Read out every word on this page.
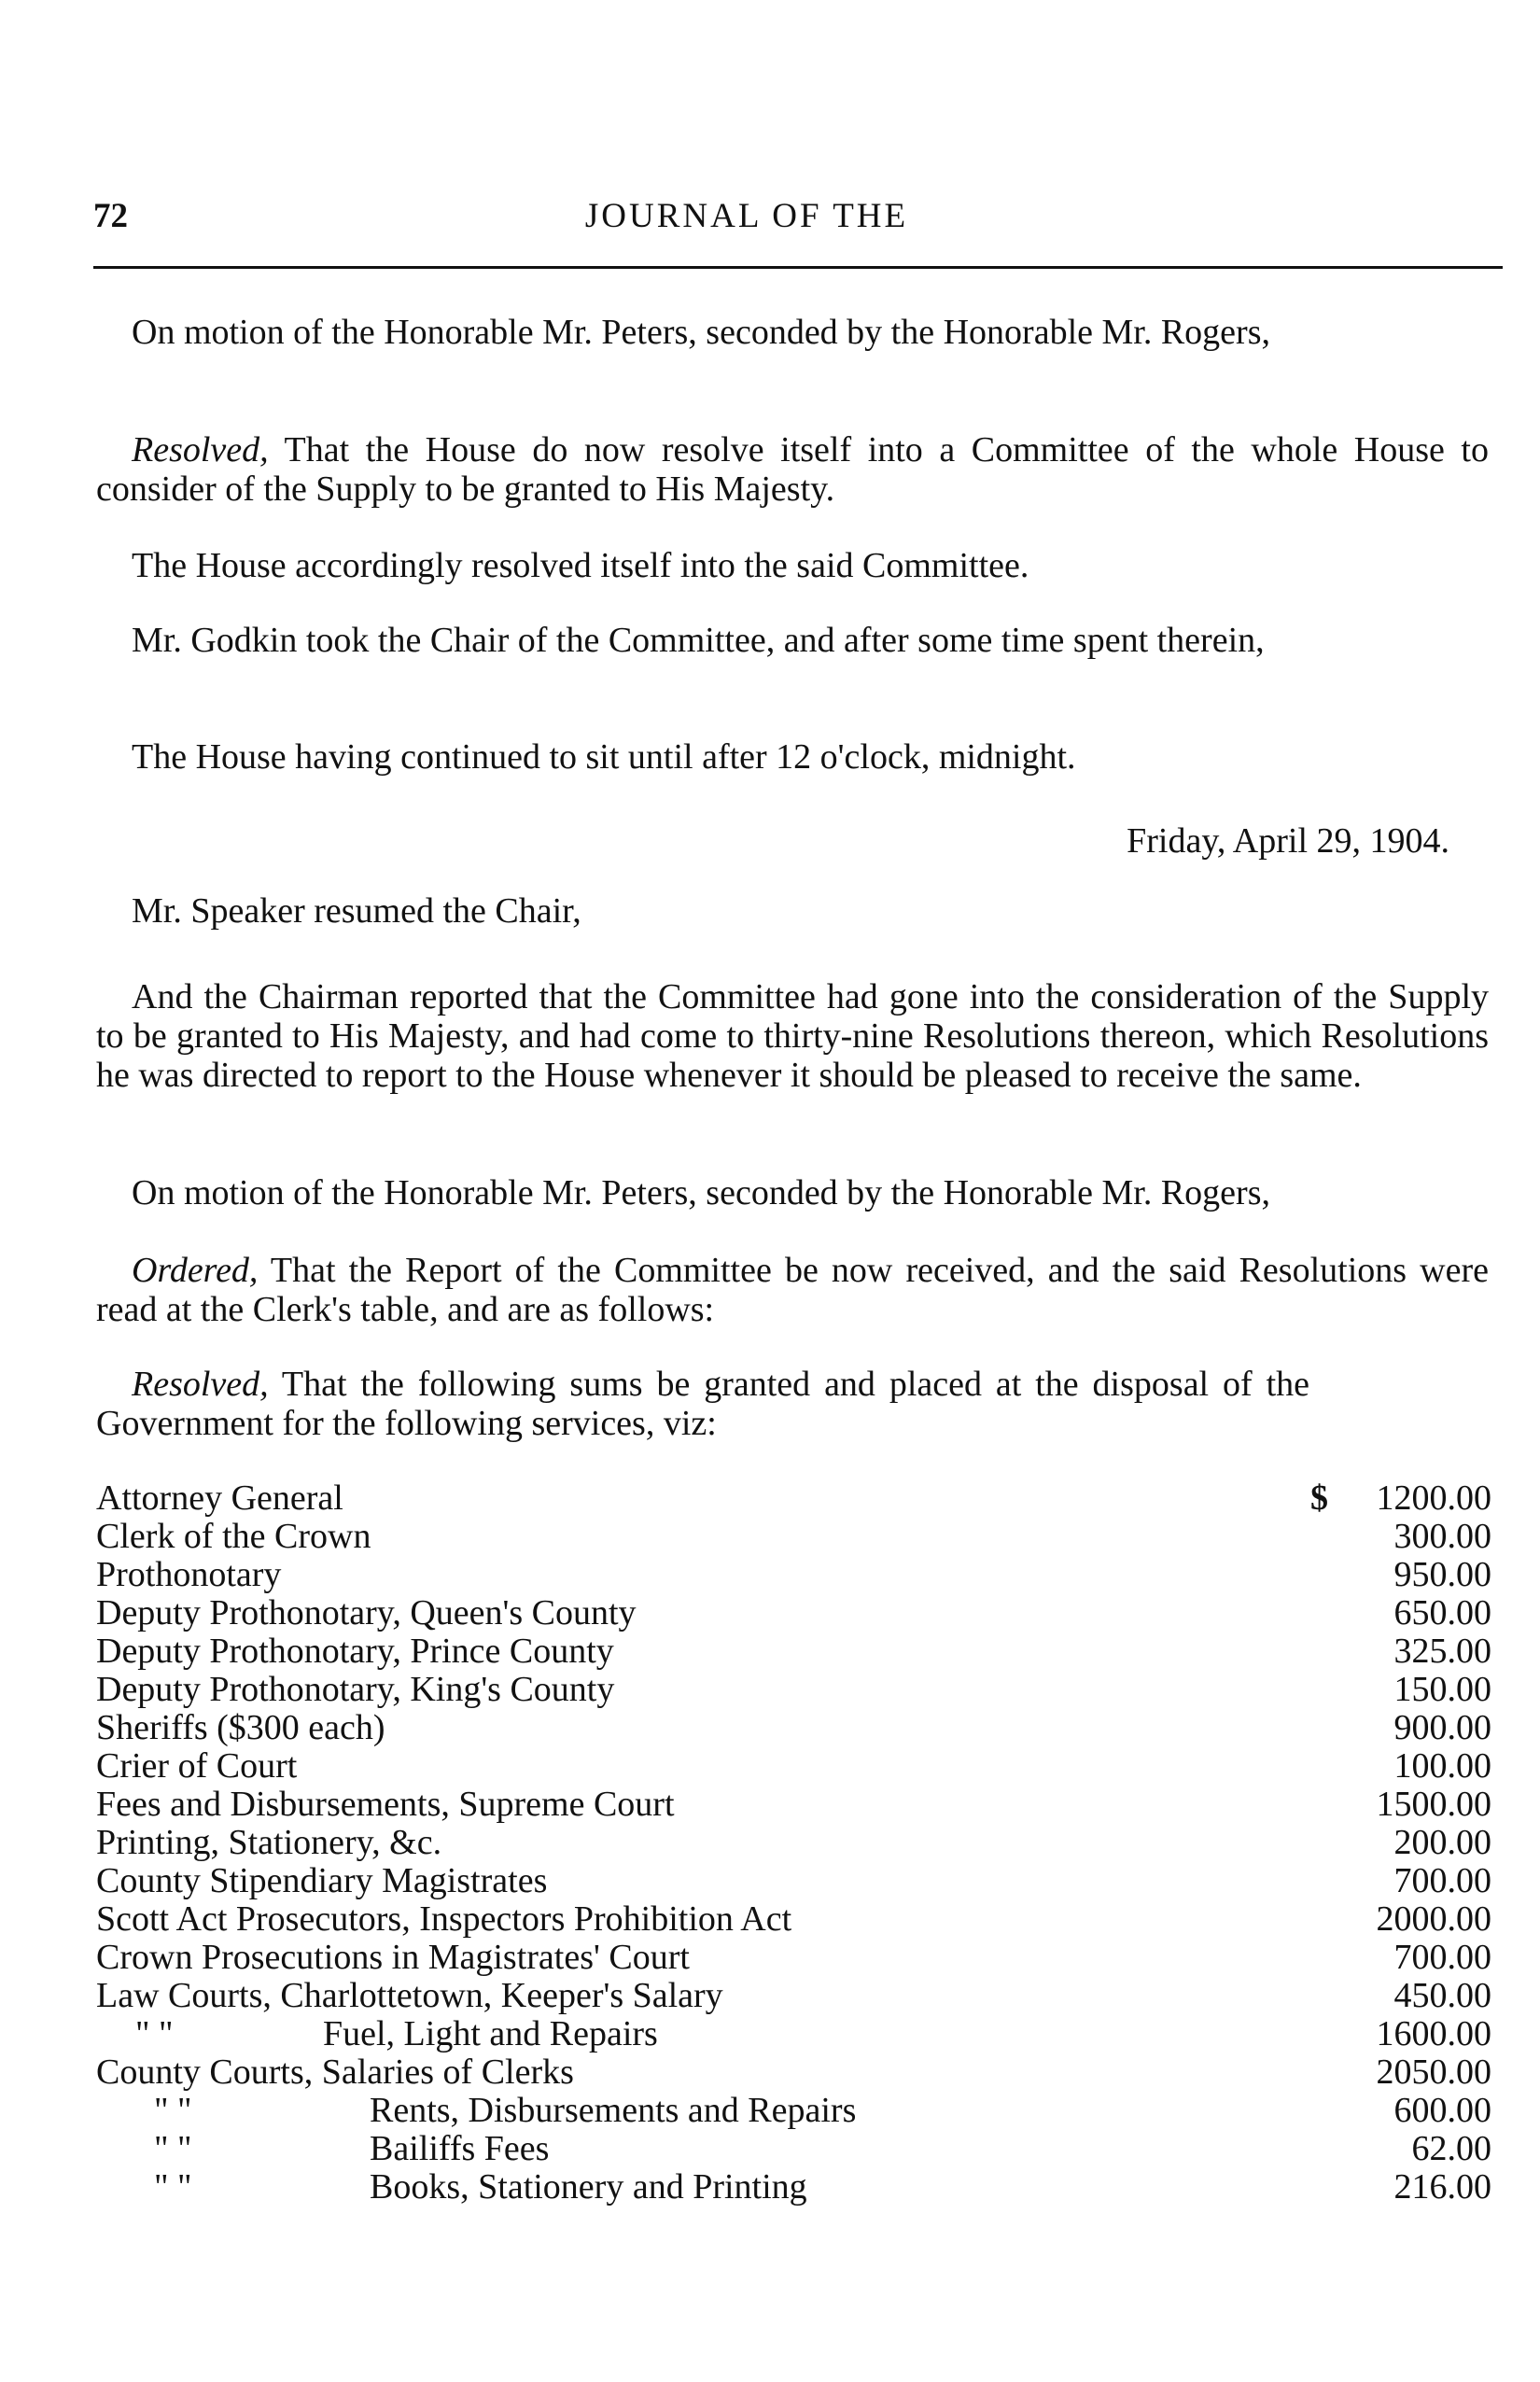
72	JOURNAL OF THE

On motion of the Honorable Mr. Peters, seconded by the Honorable Mr. Rogers,

Resolved, That the House do now resolve itself into a Committee of the whole House to consider of the Supply to be granted to His Majesty.

The House accordingly resolved itself into the said Committee.

Mr. Godkin took the Chair of the Committee, and after some time spent therein,

The House having continued to sit until after 12 o'clock, midnight.

Friday, April 29, 1904.

Mr. Speaker resumed the Chair,

And the Chairman reported that the Committee had gone into the consideration of the Supply to be granted to His Majesty, and had come to thirty-nine Resolutions thereon, which Resolutions he was directed to report to the House whenever it should be pleased to receive the same.

On motion of the Honorable Mr. Peters, seconded by the Honorable Mr. Rogers,

Ordered, That the Report of the Committee be now received, and the said Resolutions were read at the Clerk's table, and are as follows:

Resolved, That the following sums be granted and placed at the disposal of the Government for the following services, viz:

Attorney General	$ 1200.00
Clerk of the Crown	300.00
Prothonotary	950.00
Deputy Prothonotary, Queen's County	650.00
Deputy Prothonotary, Prince County	325.00
Deputy Prothonotary, King's County	150.00
Sheriffs ($300 each)	900.00
Crier of Court	100.00
Fees and Disbursements, Supreme Court	1500.00
Printing, Stationery, &c.	200.00
County Stipendiary Magistrates	700.00
Scott Act Prosecutors, Inspectors Prohibition Act	2000.00
Crown Prosecutions in Magistrates' Court	700.00
Law Courts, Charlottetown, Keeper's Salary	450.00
" "	Fuel, Light and Repairs	1600.00
County Courts, Salaries of Clerks	2050.00
" "	Rents, Disbursements and Repairs	600.00
" "	Bailiffs Fees	62.00
" "	Books, Stationery and Printing	216.00
